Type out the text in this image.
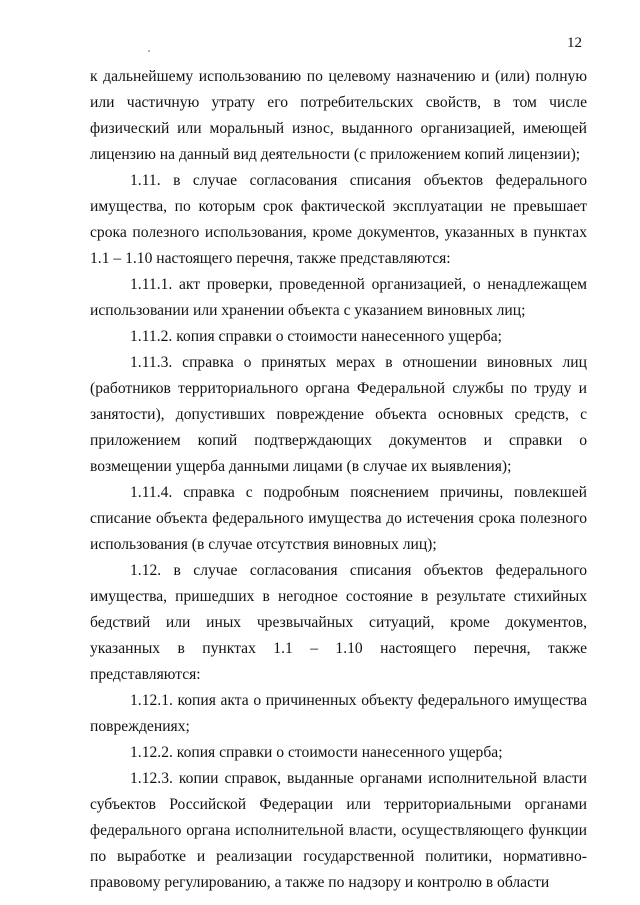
12

к дальнейшему использованию по целевому назначению и (или) полную или частичную утрату его потребительских свойств, в том числе физический или моральный износ, выданного организацией, имеющей лицензию на данный вид деятельности (с приложением копий лицензии);

1.11. в случае согласования списания объектов федерального имущества, по которым срок фактической эксплуатации не превышает срока полезного использования, кроме документов, указанных в пунктах 1.1 – 1.10 настоящего перечня, также представляются:

1.11.1. акт проверки, проведенной организацией, о ненадлежащем использовании или хранении объекта с указанием виновных лиц;

1.11.2. копия справки о стоимости нанесенного ущерба;

1.11.3. справка о принятых мерах в отношении виновных лиц (работников территориального органа Федеральной службы по труду и занятости), допустивших повреждение объекта основных средств, с приложением копий подтверждающих документов и справки о возмещении ущерба данными лицами (в случае их выявления);

1.11.4. справка с подробным пояснением причины, повлекшей списание объекта федерального имущества до истечения срока полезного использования (в случае отсутствия виновных лиц);

1.12. в случае согласования списания объектов федерального имущества, пришедших в негодное состояние в результате стихийных бедствий или иных чрезвычайных ситуаций, кроме документов, указанных в пунктах 1.1 – 1.10 настоящего перечня, также представляются:

1.12.1. копия акта о причиненных объекту федерального имущества повреждениях;

1.12.2. копия справки о стоимости нанесенного ущерба;

1.12.3. копии справок, выданные органами исполнительной власти субъектов Российской Федерации или территориальными органами федерального органа исполнительной власти, осуществляющего функции по выработке и реализации государственной политики, нормативно-правовому регулированию, а также по надзору и контролю в области
